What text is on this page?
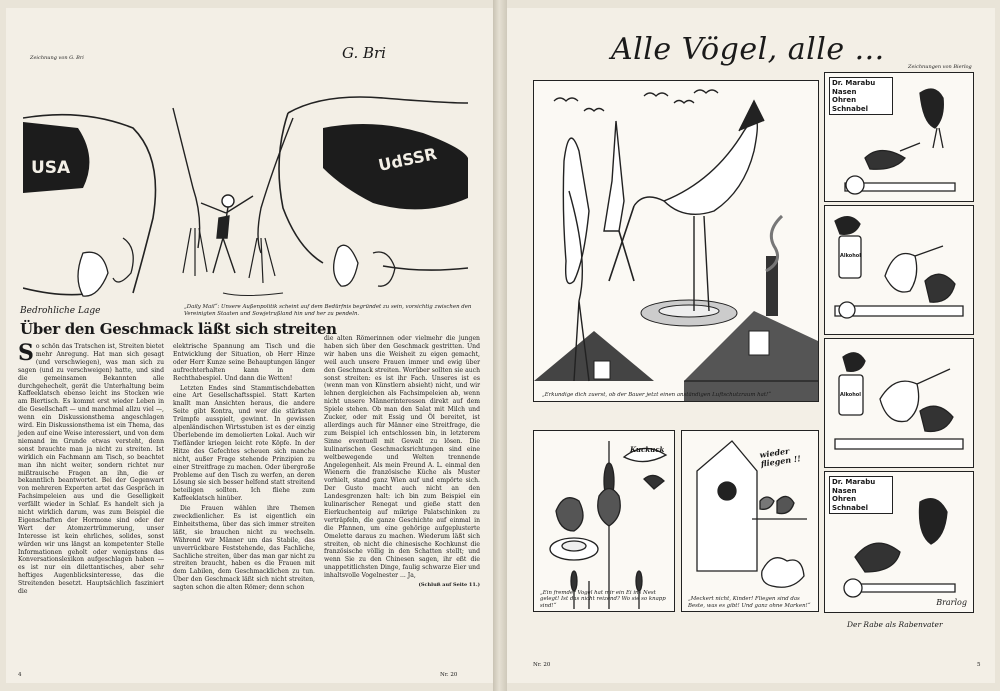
Zeichnung von G. Bri	G. Bri
USA	UdSSR
Bedrohliche Lage	„Daily Mail“: Unsere Außenpolitik scheint auf dem Bedürfnis begründet zu sein, vorsichtig zwischen den Vereinigten Staaten und Sowjetrußland hin und her zu pendeln.
Über den Geschmack läßt sich streiten

So schön das Tratschen ist, Streiten bietet mehr Anregung. Hat man sich gesagt (und verschwiegen), was man sich zu sagen (und zu verschweigen) hatte, und sind die gemeinsamen Bekannten alle durchgehechelt, gerät die Unterhaltung beim Kaffeeklatsch ebenso leicht ins Stocken wie am Biertisch. Es kommt erst wieder Leben in die Gesellschaft — und manchmal allzu viel —, wenn ein Diskussionsthema angeschlagen wird. Ein Diskussionsthema ist ein Thema, das jeden auf eine Weise interessiert, und von dem niemand im Grunde etwas versteht, denn sonst brauchte man ja nicht zu streiten. Ist wirklich ein Fachmann am Tisch, so beachtet man ihn nicht weiter, sondern richtet nur mißtrauische Fragen an ihn, die er bekanntlich beantwortet. Bei der Gegenwart von mehreren Experten artet das Gespräch in Fachsimpeleien aus und die Geselligkeit verfällt wieder in Schlaf. Es handelt sich ja nicht wirklich darum, was zum Beispiel die Eigenschaften der Hormone sind oder der Wert der Atomzertrümmerung, unser Interesse ist kein ehrliches, solides, sonst würden wir uns längst an kompetenter Stelle Informationen geholt oder wenigstens das Konversationslexikon aufgeschlagen haben — es ist nur ein dilettantisches, aber sehr heftiges Augenblicksinteresse, das die Streitenden besetzt. Hauptsächlich fasziniert die

elektrische Spannung am Tisch und die Entwicklung der Situation, ob Herr Hinze oder Herr Kunze seine Behauptungen länger aufrechterhalten kann in dem Rechthabespiel. Und dann die Wetten!

Letzten Endes sind Stammtischdebatten eine Art Gesellschaftsspiel. Statt Karten knallt man Ansichten heraus, die andere Seite gibt Kontra, und wer die stärksten Trümpfe ausspielt, gewinnt. In gewissen alpenländischen Wirtsstuben ist es der einzig Überlebende im demolierten Lokal. Auch wir Tiefländer kriegen leicht rote Köpfe. In der Hitze des Gefechtes scheuen sich manche nicht, außer Frage stehende Prinzipien zu einer Streitfrage zu machen. Oder übergroße Probleme auf den Tisch zu werfen, an deren Lösung sie sich besser helfend statt streitend beteiligen sollten. Ich fliehe zum Kaffeeklatsch hinüber.

Die Frauen wählen ihre Themen zweckdienlicher. Es ist eigentlich ein Einheitsthema, über das sich immer streiten läßt, sie brauchen nicht zu wechseln. Während wir Männer um das Stabile, das unverrückbare Feststehende, das Fachliche, Sachliche streiten, über das man gar nicht zu streiten braucht, haben es die Frauen mit dem Labilen, dem Geschmacklichen zu tun. Über den Geschmack läßt sich nicht streiten, sagten schon die alten Römer; denn schon

die alten Römerinnen oder vielmehr die jungen haben sich über den Geschmack gestritten. Und wir haben uns die Weisheit zu eigen gemacht, weil auch unsere Frauen immer und ewig über den Geschmack streiten. Worüber sollten sie auch sonst streiten: es ist ihr Fach. Unseres ist es (wenn man von Künstlern absieht) nicht, und wir lehnen dergleichen als Fachsimpeleien ab, wenn nicht unsere Männerinteressen direkt auf dem Spiele stehen. Ob man den Salat mit Milch und Zucker, oder mit Essig und Öl bereitet, ist allerdings auch für Männer eine Streitfrage, die zum Beispiel ich entschlossen bin, in letzterem Sinne eventuell mit Gewalt zu lösen. Die kulinarischen Geschmacksrichtungen sind eine weltbewegende und Welten trennende Angelegenheit. Als mein Freund A. L. einmal den Wienern die französische Küche als Muster vorhielt, stand ganz Wien auf und empörte sich. Der Gusto macht auch nicht an den Landesgrenzen halt: ich bin zum Beispiel ein kulinarischer Renegat und gieße statt den Eierkuchenteig auf mikrige Palatschinken zu verträpfeln, die ganze Geschichte auf einmal in die Pfannen, um eine gehörige aufgeplusterte Omelette daraus zu machen. Wiederum läßt sich streiten, ob nicht die chinesische Kochkunst die französische völlig in den Schatten stellt; und wenn Sie zu den Chinesen sagen, ihr eßt die unappetitlichsten Dinge, faulig schwarze Eier und inhaltsvolle Vogelnester ... Ja,

(Schluß auf Seite 11.)

4	Nr. 20
Alle Vögel, alle ...	Zeichnungen von Bierlog
„Erkundige dich zuerst, ob der Bauer jetzt einen anständigen Luftschutzraum hat!“
Kuckuck
„Ein fremder Vogel hat mir ein Ei ins Nest gelegt! Ist das nicht reizend? Wo sie so knapp sind!“
wieder fliegen !!
„Meckert nicht, Kinder! Fliegen sind das Beste, was es gibt! Und ganz ohne Marken!“
Dr. Marabu
Nasen
Ohren
Schnabel
Alkohol
Alkohol
Dr. Marabu
Nasen
Ohren
Schnabel
Brarlog
Der Rabe als Rabenvater
Nr. 20	5
